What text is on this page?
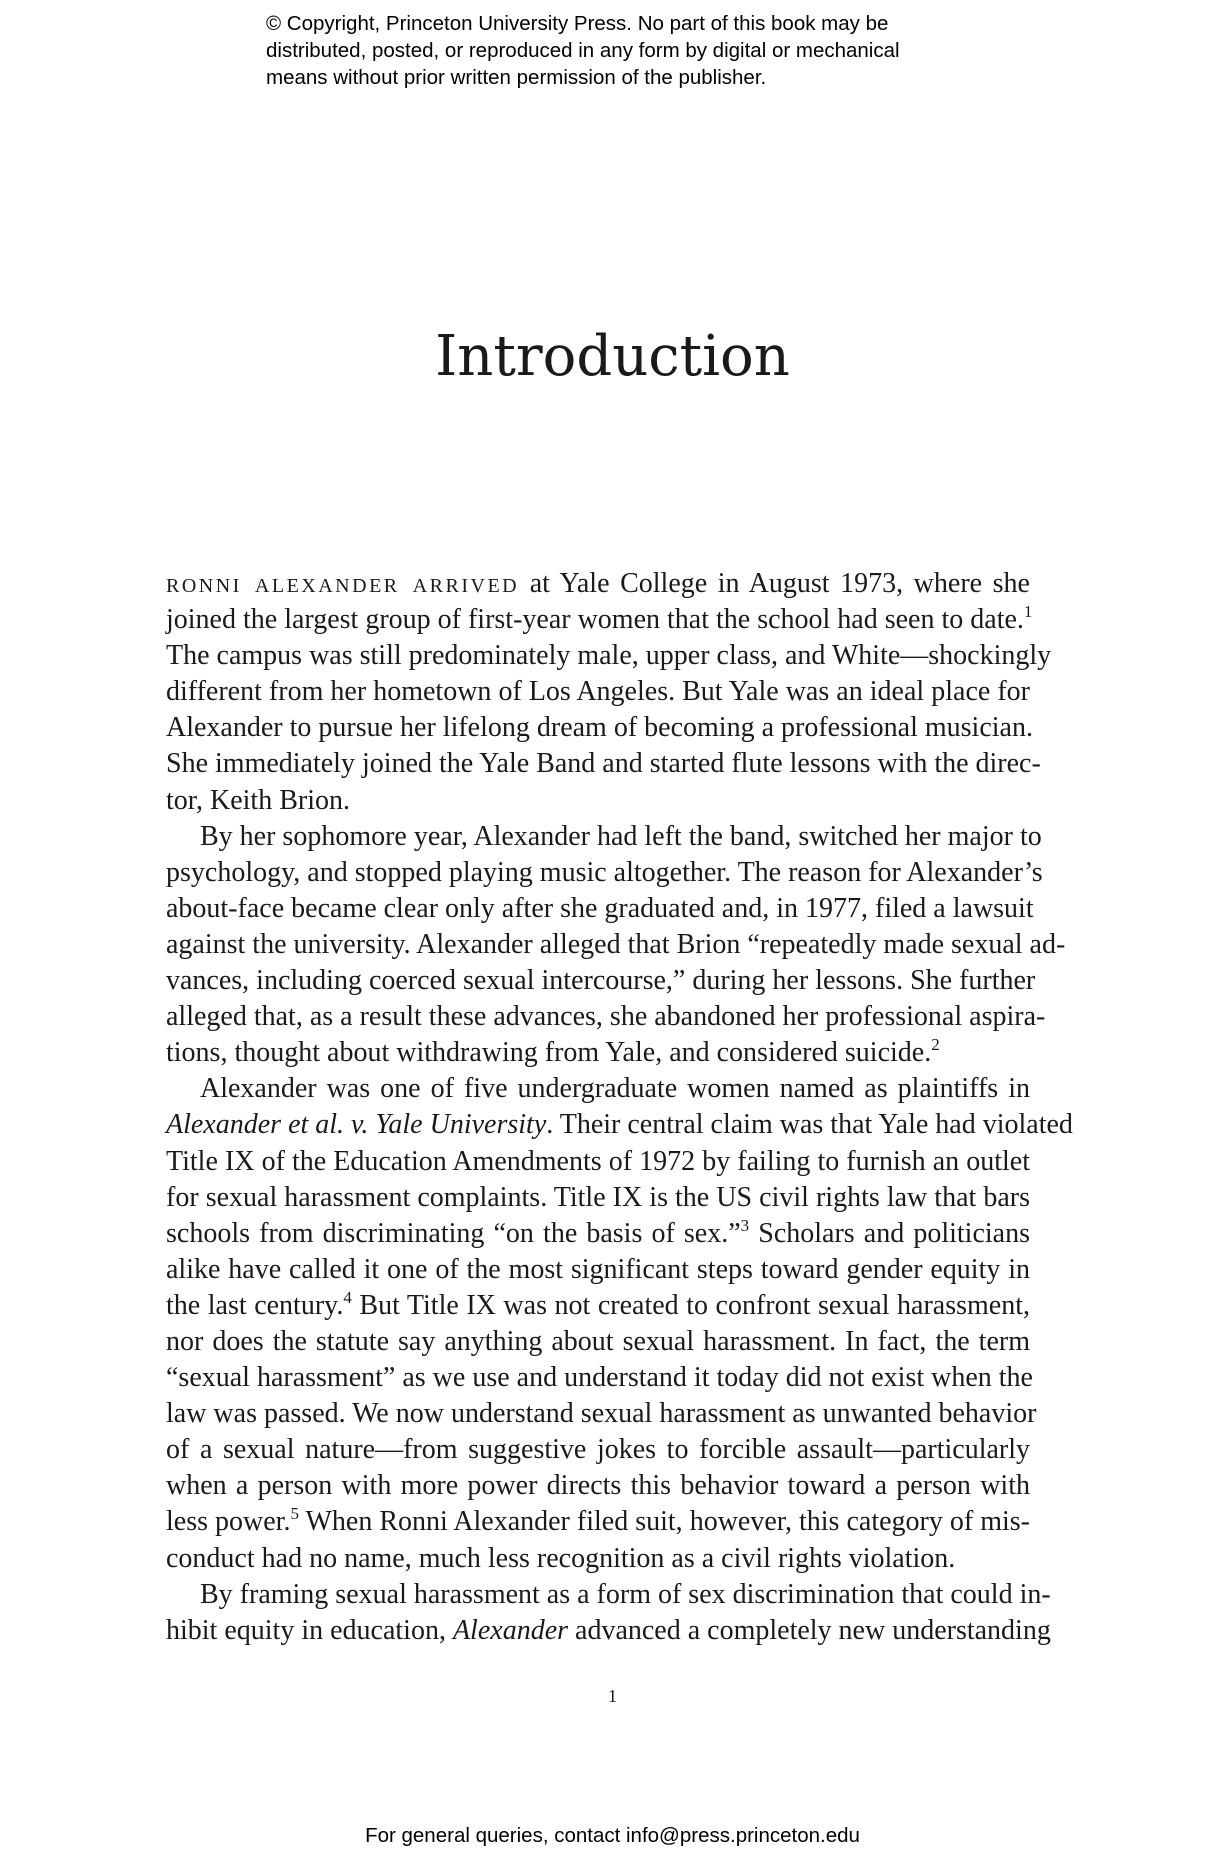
© Copyright, Princeton University Press. No part of this book may be
distributed, posted, or reproduced in any form by digital or mechanical
means without prior written permission of the publisher.
Introduction
ronni alexander arrived at Yale College in August 1973, where she
joined the largest group of first-year women that the school had seen to date.$^1$
The campus was still predominately male, upper class, and White—shockingly
different from her hometown of Los Angeles. But Yale was an ideal place for
Alexander to pursue her lifelong dream of becoming a professional musician.
She immediately joined the Yale Band and started flute lessons with the direc-
tor, Keith Brion.
By her sophomore year, Alexander had left the band, switched her major to
psychology, and stopped playing music altogether. The reason for Alexander’s
about-face became clear only after she graduated and, in 1977, filed a lawsuit
against the university. Alexander alleged that Brion “repeatedly made sexual ad-
vances, including coerced sexual intercourse,” during her lessons. She further
alleged that, as a result these advances, she abandoned her professional aspira-
tions, thought about withdrawing from Yale, and considered suicide.$^2$
Alexander was one of five undergraduate women named as plaintiffs in
Alexander et al. v. Yale University. Their central claim was that Yale had violated
Title IX of the Education Amendments of 1972 by failing to furnish an outlet
for sexual harassment complaints. Title IX is the US civil rights law that bars
schools from discriminating “on the basis of sex.”$^3$ Scholars and politicians
alike have called it one of the most significant steps toward gender equity in
the last century.$^4$ But Title IX was not created to confront sexual harassment,
nor does the statute say anything about sexual harassment. In fact, the term
“sexual harassment” as we use and understand it today did not exist when the
law was passed. We now understand sexual harassment as unwanted behavior
of a sexual nature—from suggestive jokes to forcible assault—particularly
when a person with more power directs this behavior toward a person with
less power.$^5$ When Ronni Alexander filed suit, however, this category of mis-
conduct had no name, much less recognition as a civil rights violation.
By framing sexual harassment as a form of sex discrimination that could in-
hibit equity in education, Alexander advanced a completely new understanding
1
For general queries, contact info@press.princeton.edu
